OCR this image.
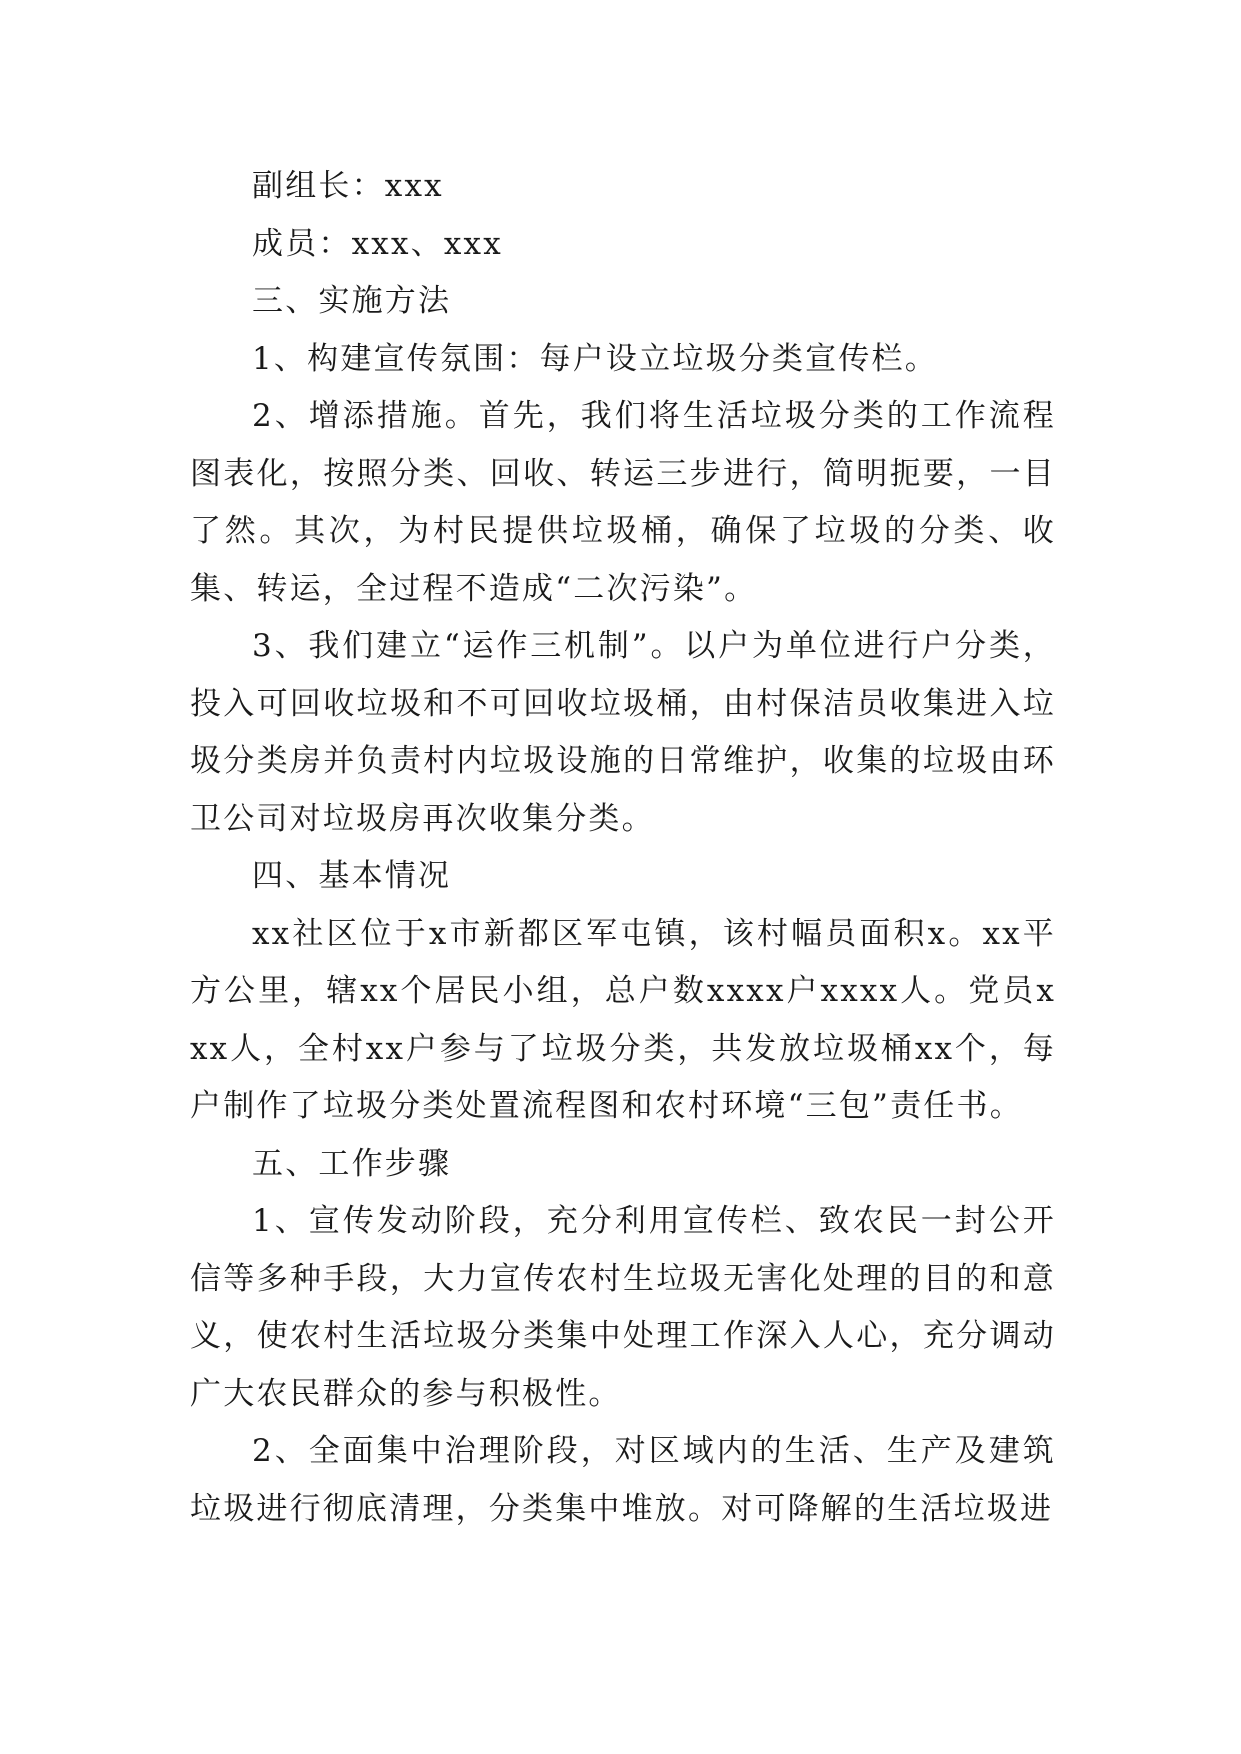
副组长：xxx

成员：xxx、xxx

三、实施方法

1、构建宣传氛围：每户设立垃圾分类宣传栏。

2、增添措施。首先，我们将生活垃圾分类的工作流程图表化，按照分类、回收、转运三步进行，简明扼要，一目了然。其次，为村民提供垃圾桶，确保了垃圾的分类、收集、转运，全过程不造成“二次污染”。

3、我们建立“运作三机制”。以户为单位进行户分类，投入可回收垃圾和不可回收垃圾桶，由村保洁员收集进入垃圾分类房并负责村内垃圾设施的日常维护，收集的垃圾由环卫公司对垃圾房再次收集分类。

四、基本情况

xx社区位于x市新都区军屯镇，该村幅员面积x。xx平方公里，辖xx个居民小组，总户数xxxx户xxxx人。党员xxx人，全村xx户参与了垃圾分类，共发放垃圾桶xx个，每户制作了垃圾分类处置流程图和农村环境“三包”责任书。

五、工作步骤

1、宣传发动阶段，充分利用宣传栏、致农民一封公开信等多种手段，大力宣传农村生垃圾无害化处理的目的和意义，使农村生活垃圾分类集中处理工作深入人心，充分调动广大农民群众的参与积极性。

2、全面集中治理阶段，对区域内的生活、生产及建筑垃圾进行彻底清理，分类集中堆放。对可降解的生活垃圾进
